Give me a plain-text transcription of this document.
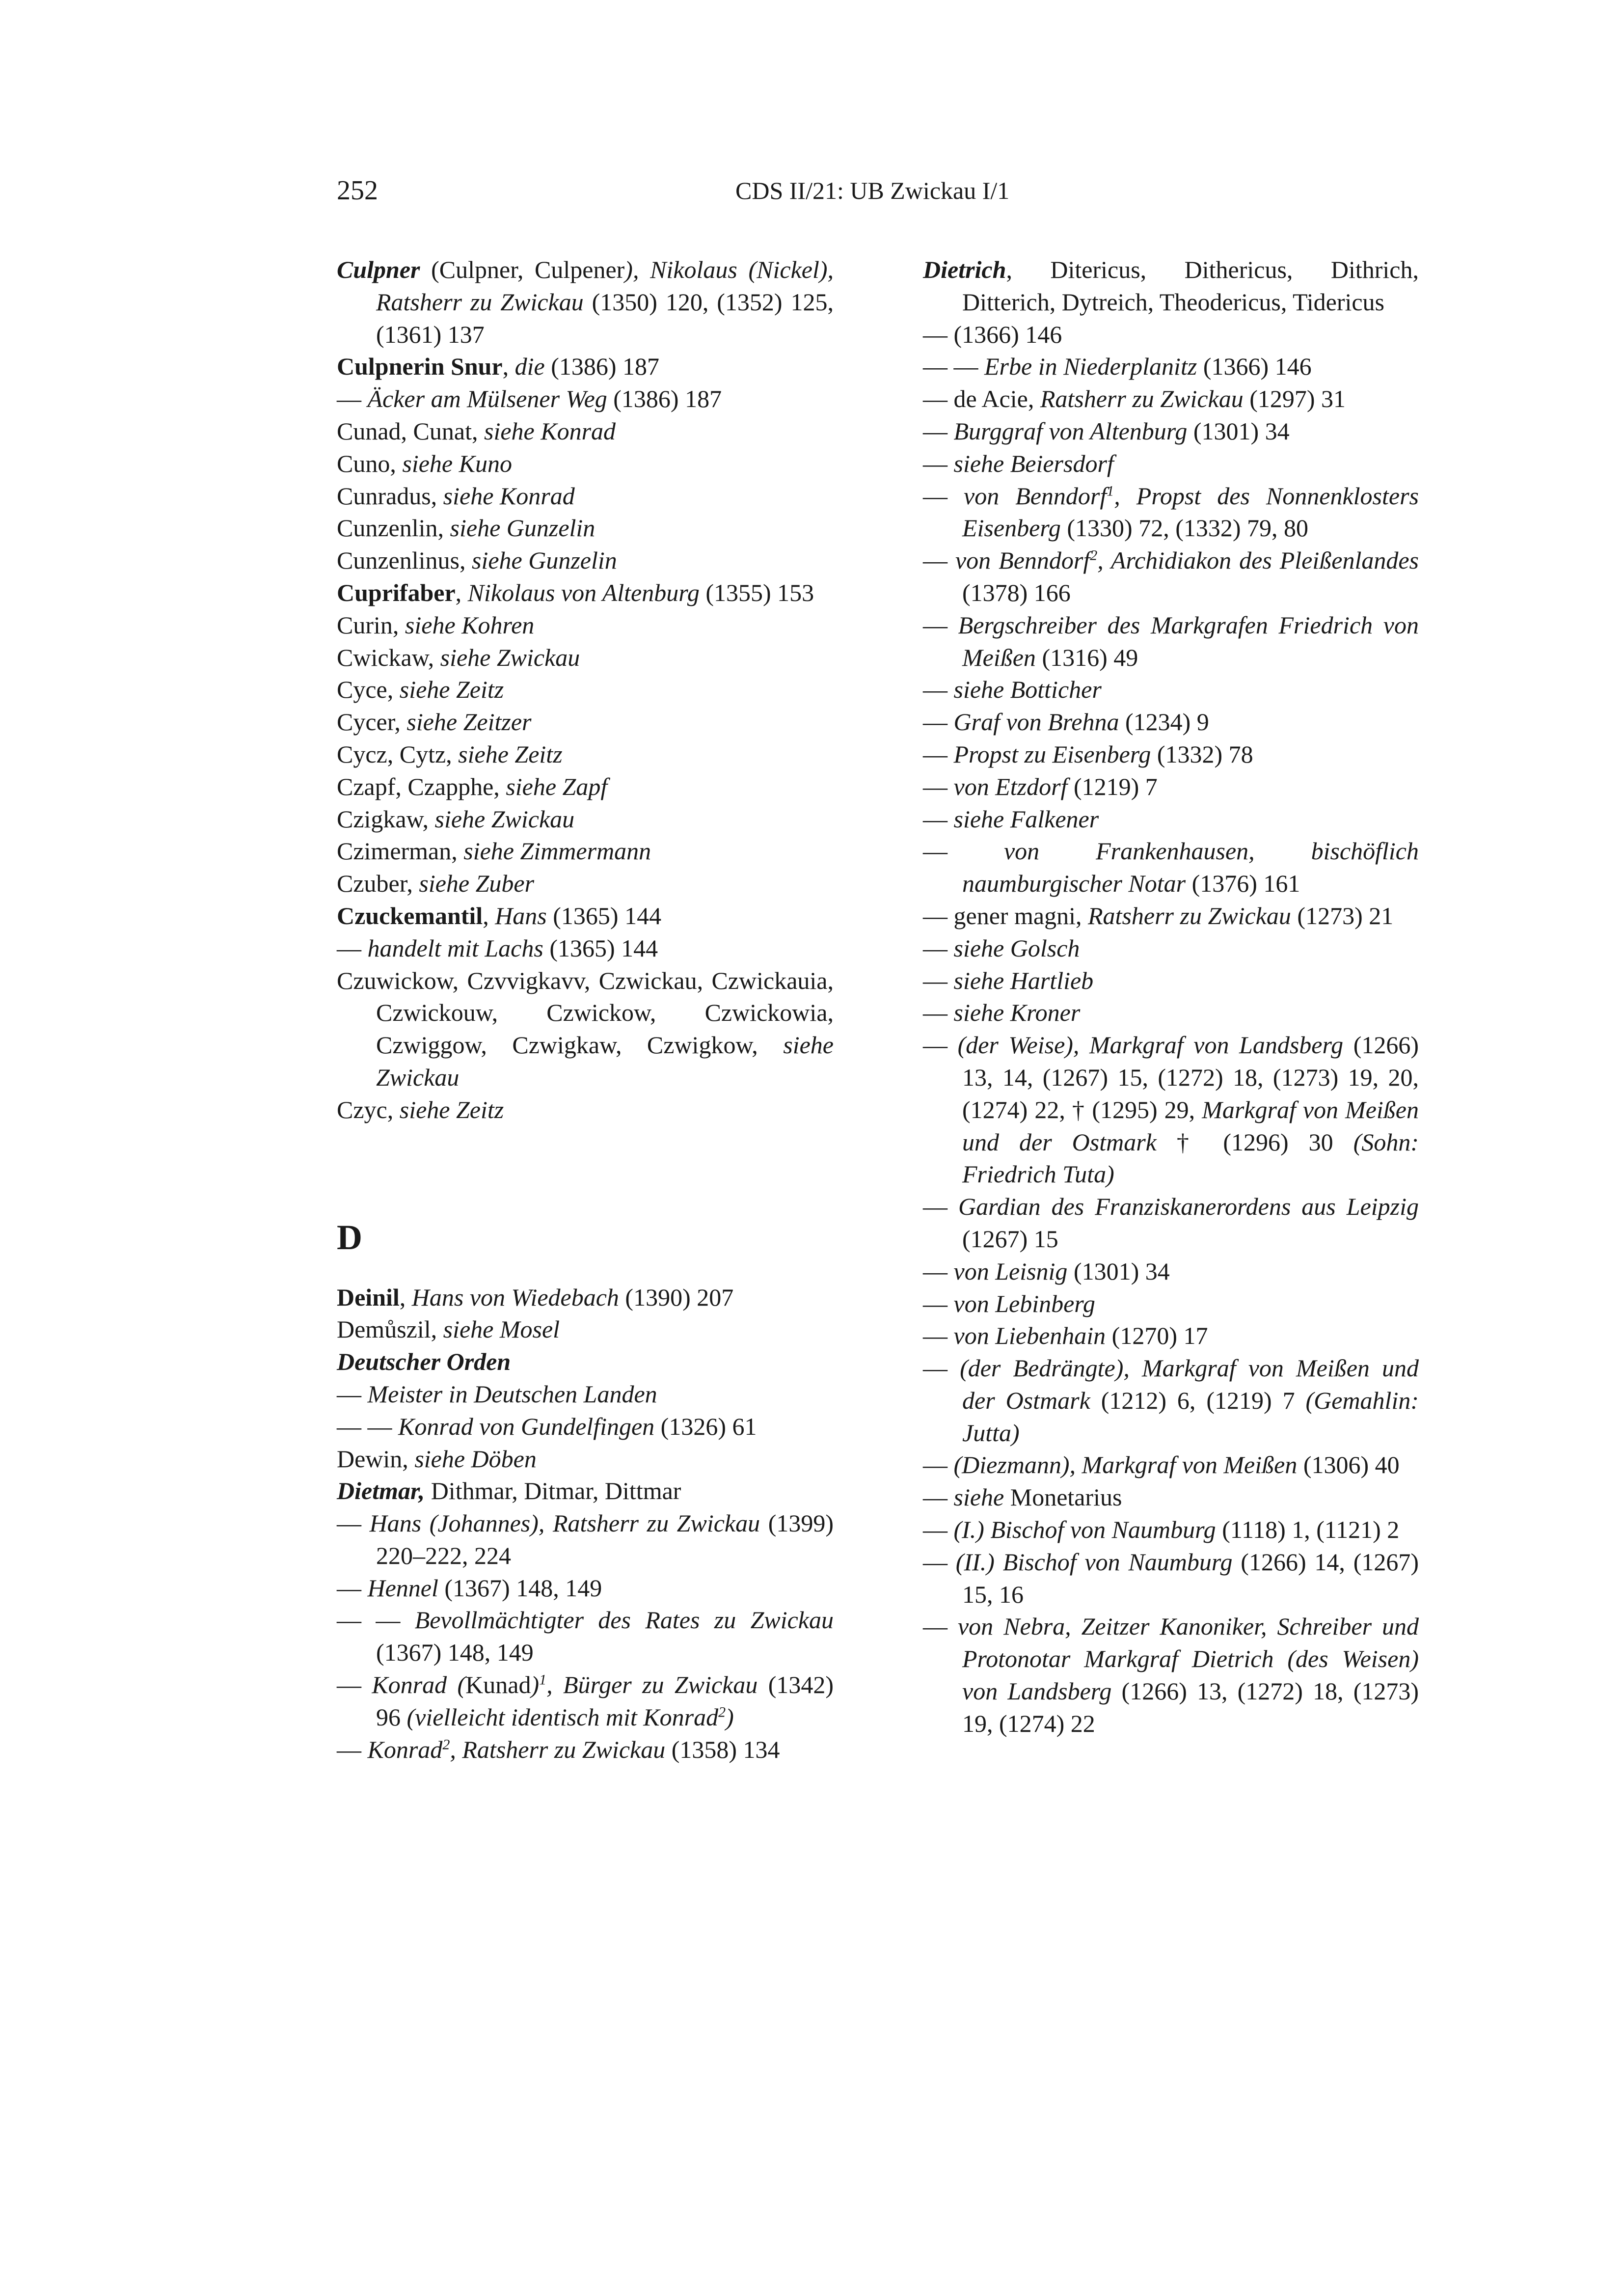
252	CDS II/21: UB Zwickau I/1
Culpner (Culpner, Culpener), Nikolaus (Nickel), Ratsherr zu Zwickau (1350) 120, (1352) 125, (1361) 137
Culpnerin Snur, die (1386) 187
— Äcker am Mülsener Weg (1386) 187
Cunad, Cunat, siehe Konrad
Cuno, siehe Kuno
Cunradus, siehe Konrad
Cunzenlin, siehe Gunzelin
Cunzenlinus, siehe Gunzelin
Cuprifaber, Nikolaus von Altenburg (1355) 153
Curin, siehe Kohren
Cwickaw, siehe Zwickau
Cyce, siehe Zeitz
Cycer, siehe Zeitzer
Cycz, Cytz, siehe Zeitz
Czapf, Czapphe, siehe Zapf
Czigkaw, siehe Zwickau
Czimerman, siehe Zimmermann
Czuber, siehe Zuber
Czuckemantil, Hans (1365) 144
— handelt mit Lachs (1365) 144
Czuwickow, Czvvigkavv, Czwickau, Czwickauia, Czwickouw, Czwickow, Czwickowia, Czwiggow, Czwigkaw, Czwigkow, siehe Zwickau
Czyc, siehe Zeitz
D
Deinil, Hans von Wiedebach (1390) 207
Demůszil, siehe Mosel
Deutscher Orden
— Meister in Deutschen Landen
— — Konrad von Gundelfingen (1326) 61
Dewin, siehe Döben
Dietmar, Dithmar, Ditmar, Dittmar
— Hans (Johannes), Ratsherr zu Zwickau (1399) 220–222, 224
— Hennel (1367) 148, 149
— — Bevollmächtigter des Rates zu Zwickau (1367) 148, 149
— Konrad (Kunad)$^1$, Bürger zu Zwickau (1342) 96 (vielleicht identisch mit Konrad$^2$)
— Konrad$^2$, Ratsherr zu Zwickau (1358) 134
Dietrich, Ditericus, Dithericus, Dithrich, Ditterich, Dytreich, Theodericus, Tidericus
— (1366) 146
— — Erbe in Niederplanitz (1366) 146
— de Acie, Ratsherr zu Zwickau (1297) 31
— Burggraf von Altenburg (1301) 34
— siehe Beiersdorf
— von Benndorf$^1$, Propst des Nonnenklosters Eisenberg (1330) 72, (1332) 79, 80
— von Benndorf$^2$, Archidiakon des Pleißenlandes (1378) 166
— Bergschreiber des Markgrafen Friedrich von Meißen (1316) 49
— siehe Botticher
— Graf von Brehna (1234) 9
— Propst zu Eisenberg (1332) 78
— von Etzdorf (1219) 7
— siehe Falkener
— von Frankenhausen, bischöflich naumburgischer Notar (1376) 161
— gener magni, Ratsherr zu Zwickau (1273) 21
— siehe Golsch
— siehe Hartlieb
— siehe Kroner
— (der Weise), Markgraf von Landsberg (1266) 13, 14, (1267) 15, (1272) 18, (1273) 19, 20, (1274) 22, † (1295) 29, Markgraf von Meißen und der Ostmark † (1296) 30 (Sohn: Friedrich Tuta)
— Gardian des Franziskanerordens aus Leipzig (1267) 15
— von Leisnig (1301) 34
— von Lebinberg
— von Liebenhain (1270) 17
— (der Bedrängte), Markgraf von Meißen und der Ostmark (1212) 6, (1219) 7 (Gemahlin: Jutta)
— (Diezmann), Markgraf von Meißen (1306) 40
— siehe Monetarius
— (I.) Bischof von Naumburg (1118) 1, (1121) 2
— (II.) Bischof von Naumburg (1266) 14, (1267) 15, 16
— von Nebra, Zeitzer Kanoniker, Schreiber und Protonotar Markgraf Dietrich (des Weisen) von Landsberg (1266) 13, (1272) 18, (1273) 19, (1274) 22
